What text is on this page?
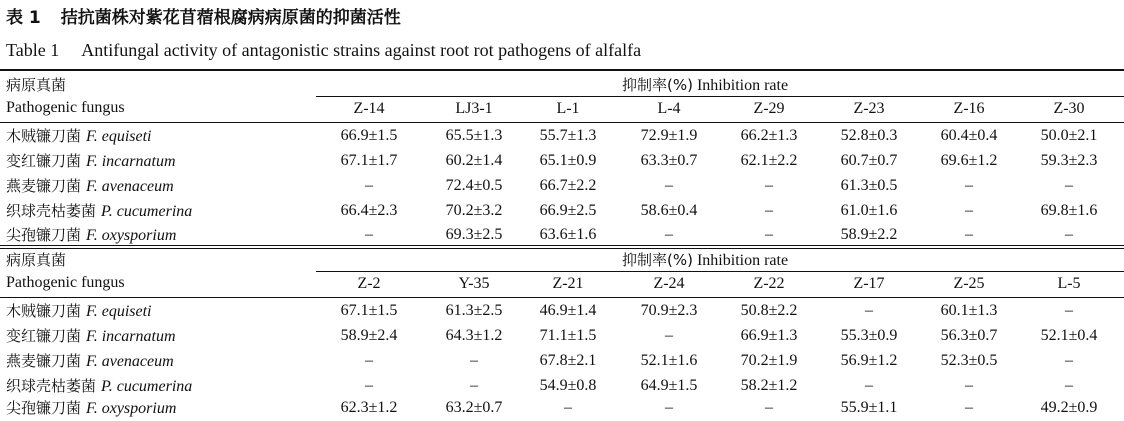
表 1 拮抗菌株对紫花苜蓿根腐病病原菌的抑菌活性
Table 1 Antifungal activity of antagonistic strains against root rot pathogens of alfalfa
病原真菌	抑制率(%) Inhibition rate
Pathogenic fungus	Z-14	LJ3-1	L-1	L-4	Z-29	Z-23	Z-16	Z-30
木贼镰刀菌 F. equiseti	66.9±1.5	65.5±1.3	55.7±1.3	72.9±1.9	66.2±1.3	52.8±0.3	60.4±0.4	50.0±2.1
变红镰刀菌 F. incarnatum	67.1±1.7	60.2±1.4	65.1±0.9	63.3±0.7	62.1±2.2	60.7±0.7	69.6±1.2	59.3±2.3
燕麦镰刀菌 F. avenaceum	–	72.4±0.5	66.7±2.2	–	–	61.3±0.5	–	–
织球壳枯萎菌 P. cucumerina	66.4±2.3	70.2±3.2	66.9±2.5	58.6±0.4	–	61.0±1.6	–	69.8±1.6
尖孢镰刀菌 F. oxysporium	–	69.3±2.5	63.6±1.6	–	–	58.9±2.2	–	–
病原真菌	抑制率(%) Inhibition rate
Pathogenic fungus	Z-2	Y-35	Z-21	Z-24	Z-22	Z-17	Z-25	L-5
木贼镰刀菌 F. equiseti	67.1±1.5	61.3±2.5	46.9±1.4	70.9±2.3	50.8±2.2	–	60.1±1.3	–
变红镰刀菌 F. incarnatum	58.9±2.4	64.3±1.2	71.1±1.5	–	66.9±1.3	55.3±0.9	56.3±0.7	52.1±0.4
燕麦镰刀菌 F. avenaceum	–	–	67.8±2.1	52.1±1.6	70.2±1.9	56.9±1.2	52.3±0.5	–
织球壳枯萎菌 P. cucumerina	–	–	54.9±0.8	64.9±1.5	58.2±1.2	–	–	–
尖孢镰刀菌 F. oxysporium	62.3±1.2	63.2±0.7	–	–	–	55.9±1.1	–	49.2±0.9
